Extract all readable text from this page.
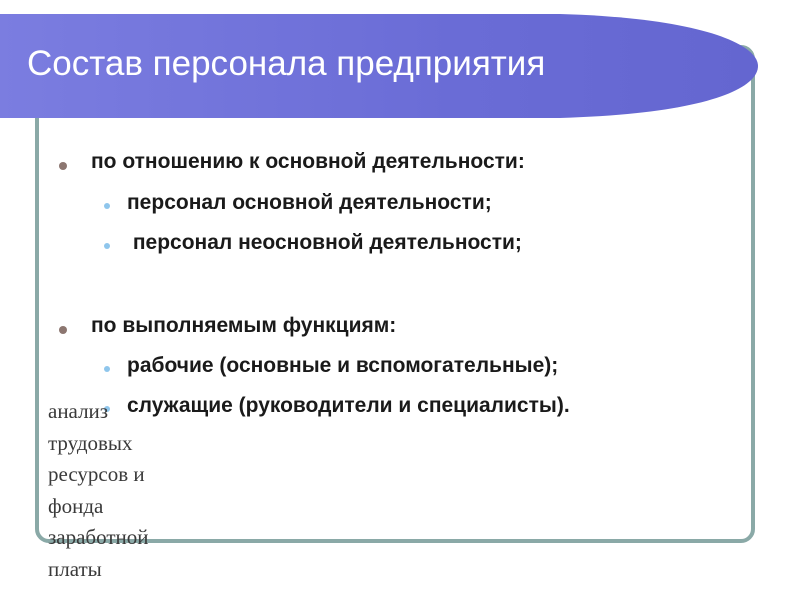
Состав персонала предприятия
по отношению к основной деятельности:
персонал основной деятельности;
персонал неосновной деятельности;
по выполняемым функциям:
рабочие (основные и вспомогательные);
служащие (руководители и специалисты).
анализ трудовых ресурсов и фонда заработной платы
